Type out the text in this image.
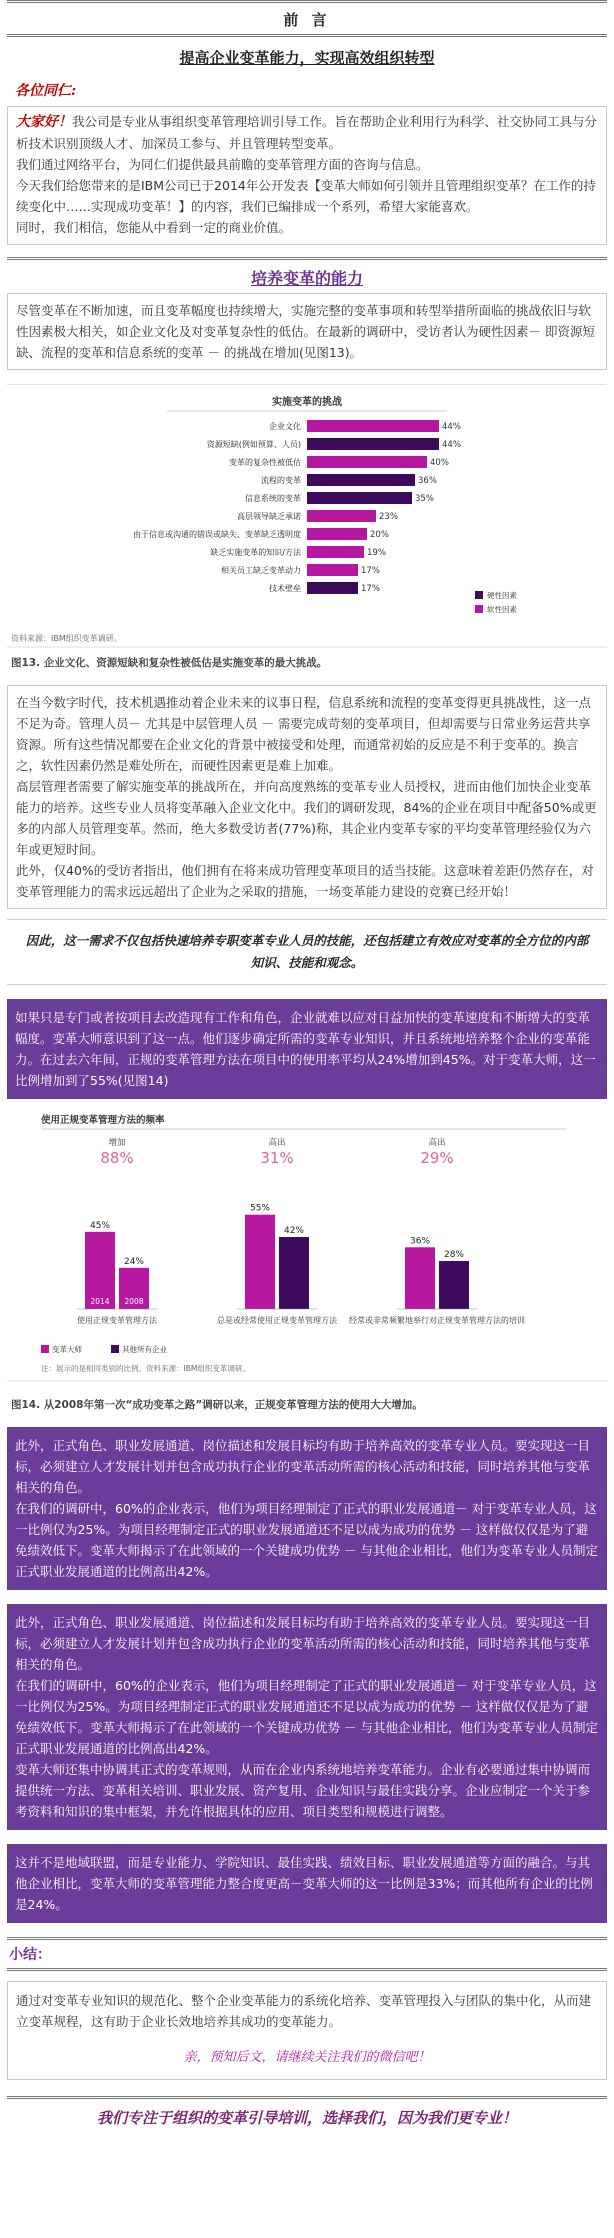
前 言
提高企业变革能力，实现高效组织转型
各位同仁:
大家好！我公司是专业从事组织变革管理培训引导工作。旨在帮助企业利用行为科学、社交协同工具与分析技术识别顶级人才、加深员工参与、并且管理转型变革。
我们通过网络平台，为同仁们提供最具前瞻的变革管理方面的咨询与信息。
今天我们给您带来的是IBM公司已于2014年公开发表【变革大师如何引领并且管理组织变革？在工作的持续变化中……实现成功变革！】的内容，我们已编排成一个系列，希望大家能喜欢。
同时，我们相信，您能从中看到一定的商业价值。
培养变革的能力
尽管变革在不断加速，而且变革幅度也持续增大，实施完整的变革事项和转型举措所面临的挑战依旧与软性因素极大相关，如企业文化及对变革复杂性的低估。在最新的调研中，受访者认为硬性因素－ 即资源短缺、流程的变革和信息系统的变革 － 的挑战在增加(见图13)。
实施变革的挑战
企业文化	44%
资源短缺(例如预算、人员)	44%
变革的复杂性被低估	40%
流程的变革	36%
信息系统的变革	35%
高层领导缺乏承诺	23%
由于信息或沟通的错误或缺失、变革缺乏透明度	20%
缺乏实施变革的知识/方法	19%
相关员工缺乏变革动力	17%
技术壁垒	17%
硬性因素
软性因素
资料来源：IBM组织变革调研。
图13. 企业文化、资源短缺和复杂性被低估是实施变革的最大挑战。
在当今数字时代，技术机遇推动着企业未来的议事日程，信息系统和流程的变革变得更具挑战性，这一点不足为奇。管理人员－ 尤其是中层管理人员 － 需要完成苛刻的变革项目，但却需要与日常业务运营共享资源。所有这些情况都要在企业文化的背景中被接受和处理，而通常初始的反应是不利于变革的。换言之，软性因素仍然是难处所在，而硬性因素更是难上加难。
高层管理者需要了解实施变革的挑战所在，并向高度熟练的变革专业人员授权，进而由他们加快企业变革能力的培养。这些专业人员将变革融入企业文化中。我们的调研发现，84%的企业在项目中配备50%或更多的内部人员管理变革。然而，绝大多数受访者(77%)称，其企业内变革专家的平均变革管理经验仅为六年或更短时间。
此外，仅40%的受访者指出，他们拥有在将来成功管理变革项目的适当技能。这意味着差距仍然存在，对变革管理能力的需求远远超出了企业为之采取的措施，一场变革能力建设的竞赛已经开始！
因此，这一需求不仅包括快速培养专职变革专业人员的技能，还包括建立有效应对变革的全方位的内部知识、技能和观念。
如果只是专门或者按项目去改造现有工作和角色，企业就难以应对日益加快的变革速度和不断增大的变革幅度。变革大师意识到了这一点。他们逐步确定所需的变革专业知识，并且系统地培养整个企业的变革能力。在过去六年间，正规的变革管理方法在项目中的使用率平均从24%增加到45%。对于变革大师，这一比例增加到了55%(见图14)
使用正规变革管理方法的频率
增加
88%
45%
2014
24%
2008
使用正规变革管理方法
高出
31%
55%
42%
总是或经常使用正规变革管理方法
高出
29%
36%
28%
经常或非常频繁地举行对正规变革管理方法的培训
变革大师	其他所有企业
注：展示的是相同类别的比例。资料来源：IBM组织变革调研。
图14. 从2008年第一次“成功变革之路”调研以来，正规变革管理方法的使用大大增加。
此外，正式角色、职业发展通道、岗位描述和发展目标均有助于培养高效的变革专业人员。要实现这一目标，必须建立人才发展计划并包含成功执行企业的变革活动所需的核心活动和技能，同时培养其他与变革相关的角色。
在我们的调研中，60%的企业表示，他们为项目经理制定了正式的职业发展通道－ 对于变革专业人员，这一比例仅为25%。为项目经理制定正式的职业发展通道还不足以成为成功的优势 － 这样做仅仅是为了避免绩效低下。变革大师揭示了在此领域的一个关键成功优势 － 与其他企业相比，他们为变革专业人员制定正式职业发展通道的比例高出42%。
此外，正式角色、职业发展通道、岗位描述和发展目标均有助于培养高效的变革专业人员。要实现这一目标，必须建立人才发展计划并包含成功执行企业的变革活动所需的核心活动和技能，同时培养其他与变革相关的角色。
在我们的调研中，60%的企业表示，他们为项目经理制定了正式的职业发展通道－ 对于变革专业人员，这一比例仅为25%。为项目经理制定正式的职业发展通道还不足以成为成功的优势 － 这样做仅仅是为了避免绩效低下。变革大师揭示了在此领域的一个关键成功优势 － 与其他企业相比，他们为变革专业人员制定正式职业发展通道的比例高出42%。
变革大师还集中协调其正式的变革规则，从而在企业内系统地培养变革能力。企业有必要通过集中协调而提供统一方法、变革相关培训、职业发展、资产复用、企业知识与最佳实践分享。企业应制定一个关于参考资料和知识的集中框架，并允许根据具体的应用、项目类型和规模进行调整。
这并不是地域联盟，而是专业能力、学院知识、最佳实践、绩效目标、职业发展通道等方面的融合。与其他企业相比，变革大师的变革管理能力整合度更高－变革大师的这一比例是33%；而其他所有企业的比例是24%。
小结：
通过对变革专业知识的规范化、整个企业变革能力的系统化培养、变革管理投入与团队的集中化，从而建立变革规程，这有助于企业长效地培养其成功的变革能力。
亲，预知后文，请继续关注我们的微信吧！
我们专注于组织的变革引导培训，选择我们，因为我们更专业！
